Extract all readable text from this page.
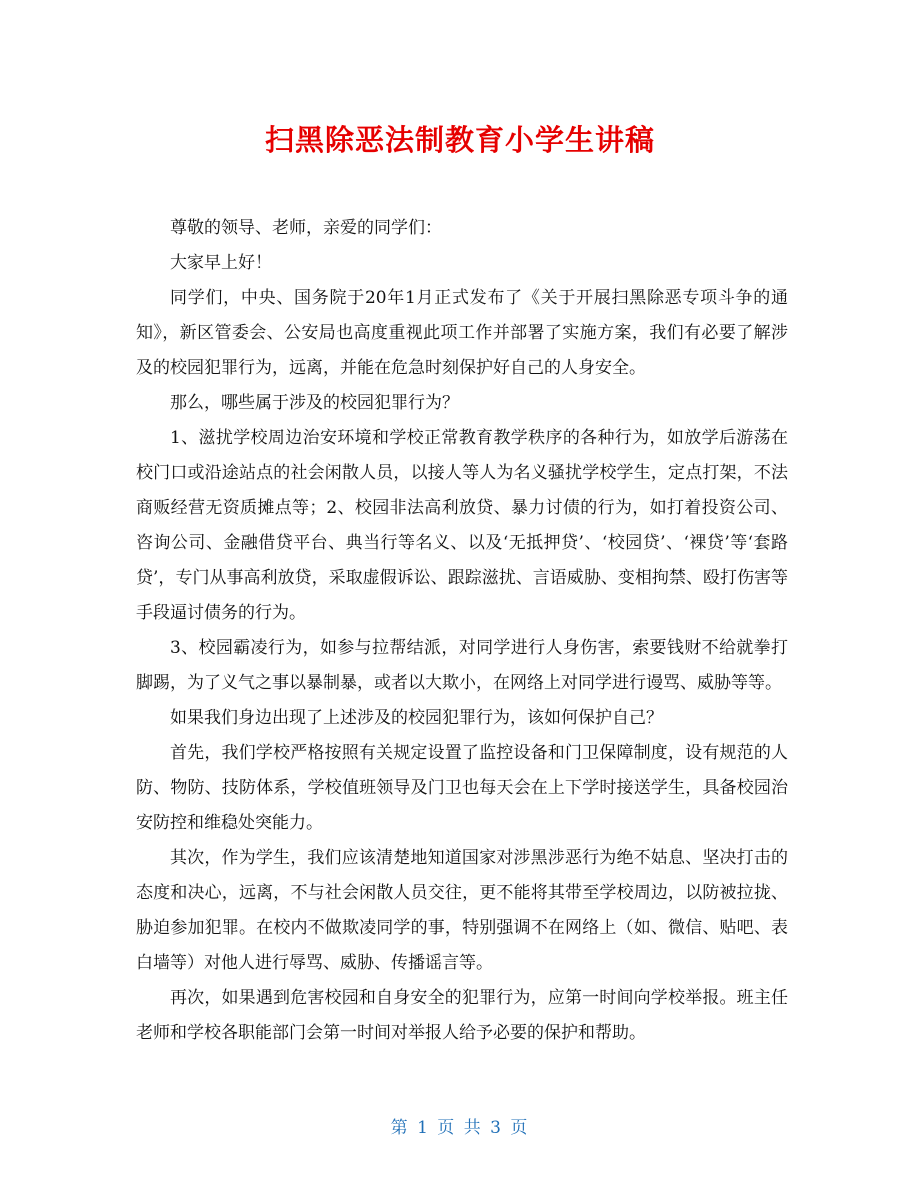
扫黑除恶法制教育小学生讲稿

尊敬的领导、老师，亲爱的同学们：

大家早上好！

同学们，中央、国务院于20年1月正式发布了《关于开展扫黑除恶专项斗争的通知》，新区管委会、公安局也高度重视此项工作并部署了实施方案，我们有必要了解涉及的校园犯罪行为，远离，并能在危急时刻保护好自己的人身安全。

那么，哪些属于涉及的校园犯罪行为？

1、滋扰学校周边治安环境和学校正常教育教学秩序的各种行为，如放学后游荡在校门口或沿途站点的社会闲散人员，以接人等人为名义骚扰学校学生，定点打架，不法商贩经营无资质摊点等；2、校园非法高利放贷、暴力讨债的行为，如打着投资公司、咨询公司、金融借贷平台、典当行等名义、以及‘无抵押贷’、‘校园贷’、‘裸贷’等‘套路贷’，专门从事高利放贷，采取虚假诉讼、跟踪滋扰、言语威胁、变相拘禁、殴打伤害等手段逼讨债务的行为。

3、校园霸凌行为，如参与拉帮结派，对同学进行人身伤害，索要钱财不给就拳打脚踢，为了义气之事以暴制暴，或者以大欺小，在网络上对同学进行谩骂、威胁等等。

如果我们身边出现了上述涉及的校园犯罪行为，该如何保护自己？

首先，我们学校严格按照有关规定设置了监控设备和门卫保障制度，设有规范的人防、物防、技防体系，学校值班领导及门卫也每天会在上下学时接送学生，具备校园治安防控和维稳处突能力。

其次，作为学生，我们应该清楚地知道国家对涉黑涉恶行为绝不姑息、坚决打击的态度和决心，远离，不与社会闲散人员交往，更不能将其带至学校周边，以防被拉拢、胁迫参加犯罪。在校内不做欺凌同学的事，特别强调不在网络上（如、微信、贴吧、表白墙等）对他人进行辱骂、威胁、传播谣言等。

再次，如果遇到危害校园和自身安全的犯罪行为，应第一时间向学校举报。班主任老师和学校各职能部门会第一时间对举报人给予必要的保护和帮助。

第 1 页 共 3 页
